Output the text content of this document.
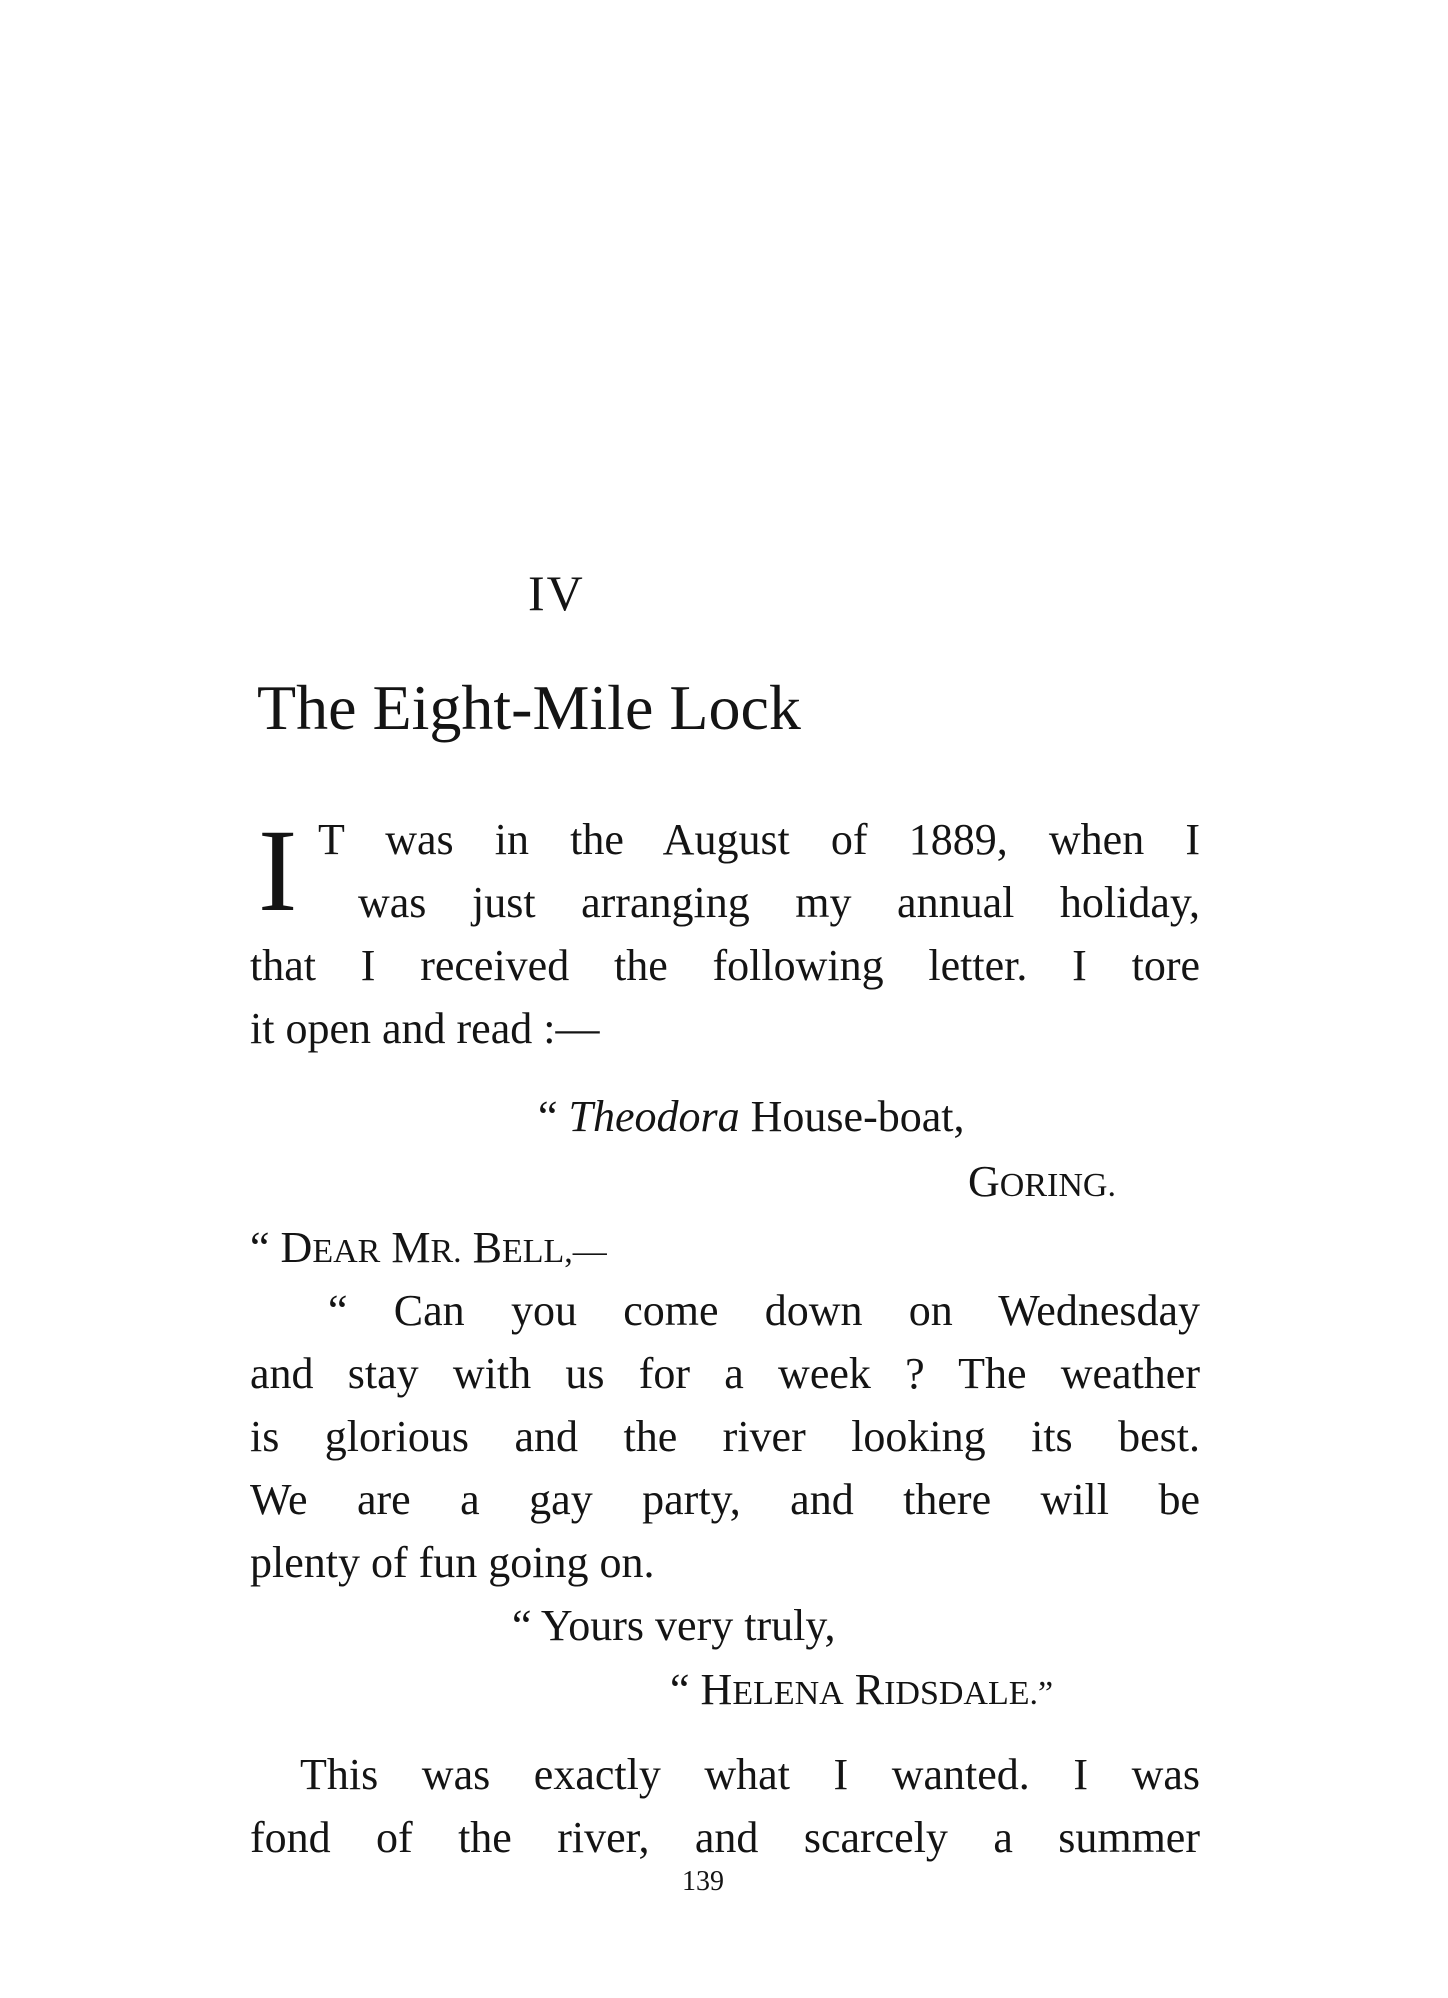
IV
The Eight-Mile Lock
I T was in the August of 1889, when I
was just arranging my annual holiday,
that I received the following letter. I tore
it open and read :—
“ Theodora House-boat,
GORING.
“ DEAR MR. BELL,—
“ Can you come down on Wednesday
and stay with us for a week ? The weather
is glorious and the river looking its best.
We are a gay party, and there will be
plenty of fun going on.
“ Yours very truly,
“ HELENA RIDSDALE.”
This was exactly what I wanted. I was
fond of the river, and scarcely a summer
139
